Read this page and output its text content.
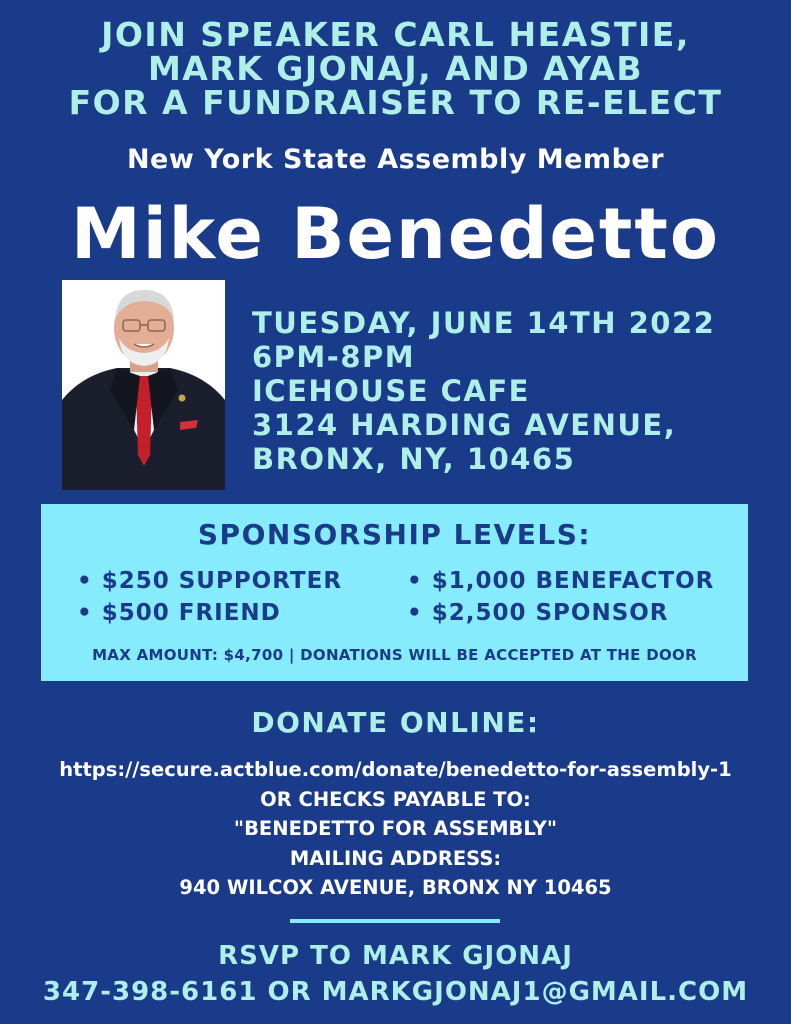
JOIN SPEAKER CARL HEASTIE,
MARK GJONAJ, AND AYAB
FOR A FUNDRAISER TO RE-ELECT
New York State Assembly Member
Mike Benedetto
TUESDAY, JUNE 14TH 2022
6PM-8PM
ICEHOUSE CAFE
3124 HARDING AVENUE,
BRONX, NY, 10465
SPONSORSHIP LEVELS:
• $250 SUPPORTER
• $500 FRIEND
• $1,000 BENEFACTOR
• $2,500 SPONSOR
MAX AMOUNT: $4,700 | DONATIONS WILL BE ACCEPTED AT THE DOOR
DONATE ONLINE:
https://secure.actblue.com/donate/benedetto-for-assembly-1
OR CHECKS PAYABLE TO:
"BENEDETTO FOR ASSEMBLY"
MAILING ADDRESS:
940 WILCOX AVENUE, BRONX NY 10465
RSVP TO MARK GJONAJ
347-398-6161 OR MARKGJONAJ1@GMAIL.COM
